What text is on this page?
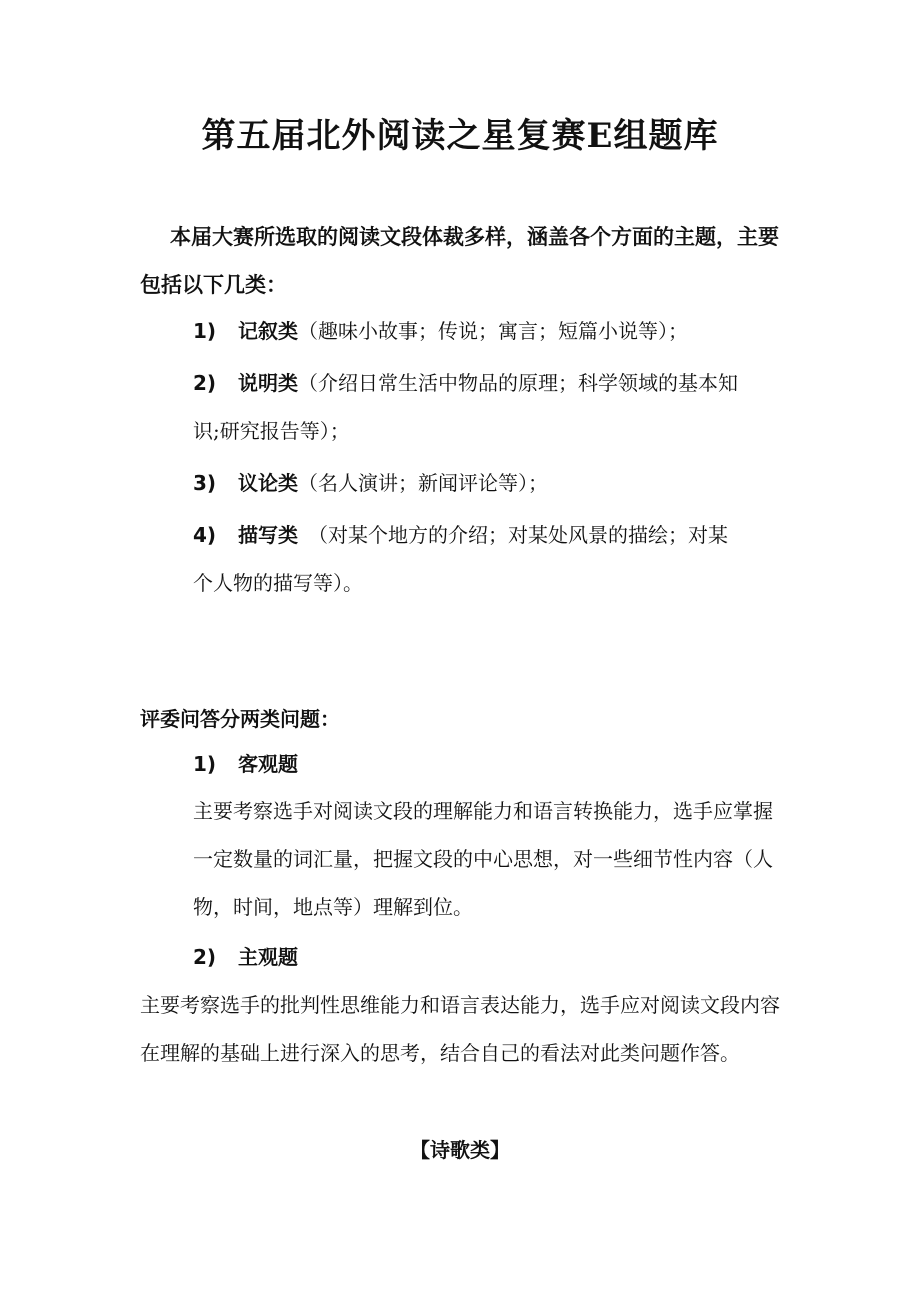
第五届北外阅读之星复赛E组题库
本届大赛所选取的阅读文段体裁多样，涵盖各个方面的主题，主要包括以下几类：
1) 记叙类（趣味小故事；传说；寓言；短篇小说等）；
2) 说明类（介绍日常生活中物品的原理；科学领域的基本知
识;研究报告等）；
3) 议论类（名人演讲；新闻评论等）；
4) 描写类　（对某个地方的介绍；对某处风景的描绘；对某
个人物的描写等）。
评委问答分两类问题：
1) 客观题
主要考察选手对阅读文段的理解能力和语言转换能力，选手应掌握一定数量的词汇量，把握文段的中心思想，对一些细节性内容（人物，时间，地点等）理解到位。
2) 主观题
主要考察选手的批判性思维能力和语言表达能力，选手应对阅读文段内容在理解的基础上进行深入的思考，结合自己的看法对此类问题作答。
【诗歌类】
